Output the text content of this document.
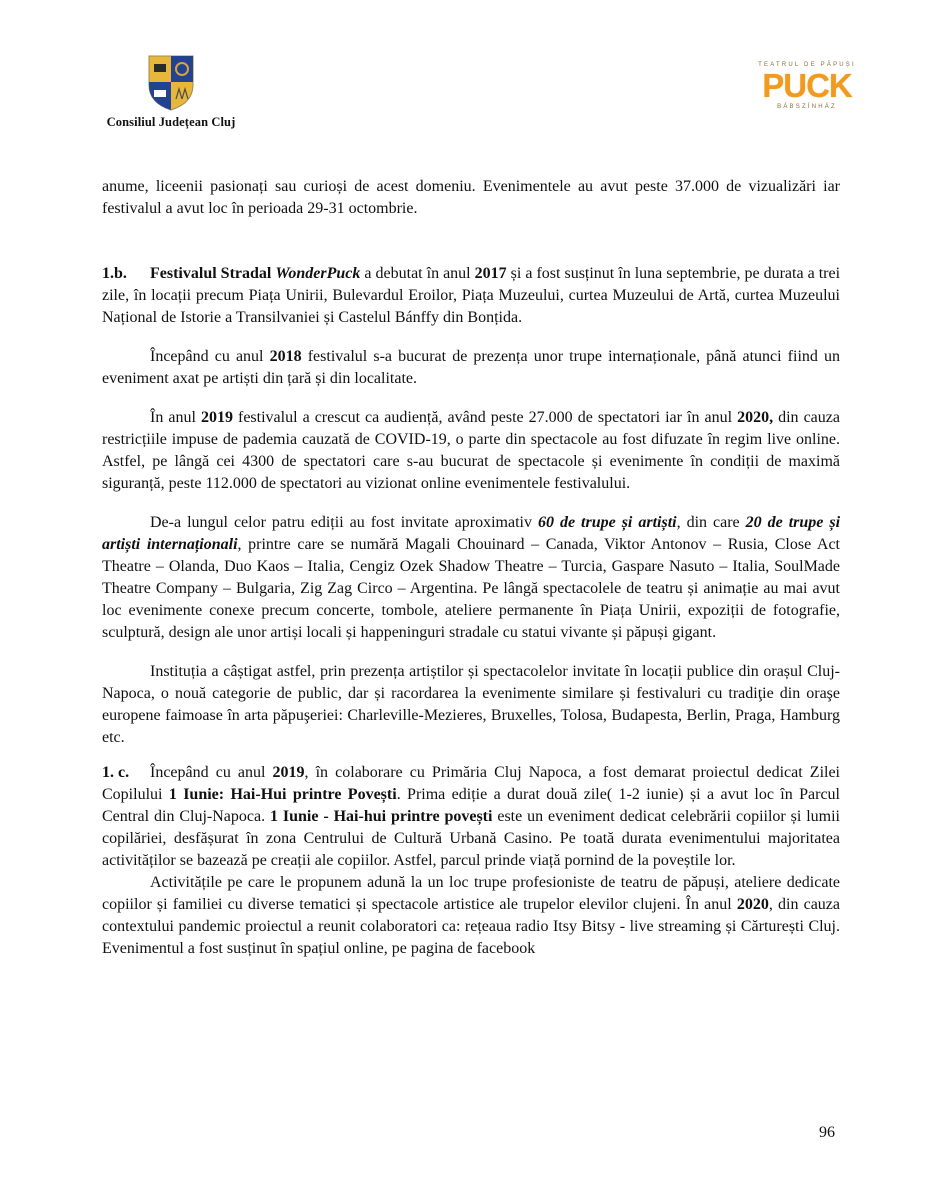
Consiliul Județean Cluj
TEATRUL DE PĂPUȘI
PUCK
BÁBSZÍNHÁZ

anume, liceenii pasionați sau curioși de acest domeniu. Evenimentele au avut peste 37.000 de vizualizări iar festivalul a avut loc în perioada 29-31 octombrie.

1.b. Festivalul Stradal WonderPuck a debutat în anul 2017 și a fost susținut în luna septembrie, pe durata a trei zile, în locații precum Piața Unirii, Bulevardul Eroilor, Piața Muzeului, curtea Muzeului de Artă, curtea Muzeului Național de Istorie a Transilvaniei și Castelul Bánffy din Bonțida.

Începând cu anul 2018 festivalul s-a bucurat de prezența unor trupe internaționale, până atunci fiind un eveniment axat pe artiști din țară și din localitate.

În anul 2019 festivalul a crescut ca audiență, având peste 27.000 de spectatori iar în anul 2020, din cauza restricțiile impuse de pademia cauzată de COVID-19, o parte din spectacole au fost difuzate în regim live online. Astfel, pe lângă cei 4300 de spectatori care s-au bucurat de spectacole și evenimente în condiții de maximă siguranță, peste 112.000 de spectatori au vizionat online evenimentele festivalului.

De-a lungul celor patru ediții au fost invitate aproximativ 60 de trupe și artiști, din care 20 de trupe și artiști internaționali, printre care se numără Magali Chouinard – Canada, Viktor Antonov – Rusia, Close Act Theatre – Olanda, Duo Kaos – Italia, Cengiz Ozek Shadow Theatre – Turcia, Gaspare Nasuto – Italia, SoulMade Theatre Company – Bulgaria, Zig Zag Circo – Argentina. Pe lângă spectacolele de teatru și animație au mai avut loc evenimente conexe precum concerte, tombole, ateliere permanente în Piața Unirii, expoziții de fotografie, sculptură, design ale unor artiși locali și happeninguri stradale cu statui vivante și păpuși gigant.

Instituția a câștigat astfel, prin prezența artiștilor și spectacolelor invitate în locații publice din orașul Cluj-Napoca, o nouă categorie de public, dar și racordarea la evenimente similare și festivaluri cu tradiţie din oraşe europene faimoase în arta păpuşeriei: Charleville-Mezieres, Bruxelles, Tolosa, Budapesta, Berlin, Praga, Hamburg etc.

1. c. Începând cu anul 2019, în colaborare cu Primăria Cluj Napoca, a fost demarat proiectul dedicat Zilei Copilului 1 Iunie: Hai-Hui printre Povești. Prima ediție a durat două zile( 1-2 iunie) și a avut loc în Parcul Central din Cluj-Napoca. 1 Iunie - Hai-hui printre povești este un eveniment dedicat celebrării copiilor și lumii copilăriei, desfășurat în zona Centrului de Cultură Urbană Casino. Pe toată durata evenimentului majoritatea activităților se bazează pe creații ale copiilor. Astfel, parcul prinde viață pornind de la poveștile lor.

Activitățile pe care le propunem adună la un loc trupe profesioniste de teatru de păpuși, ateliere dedicate copiilor și familiei cu diverse tematici și spectacole artistice ale trupelor elevilor clujeni. În anul 2020, din cauza contextului pandemic proiectul a reunit colaboratori ca: rețeaua radio Itsy Bitsy - live streaming și Cărturești Cluj. Evenimentul a fost susținut în spațiul online, pe pagina de facebook

96
